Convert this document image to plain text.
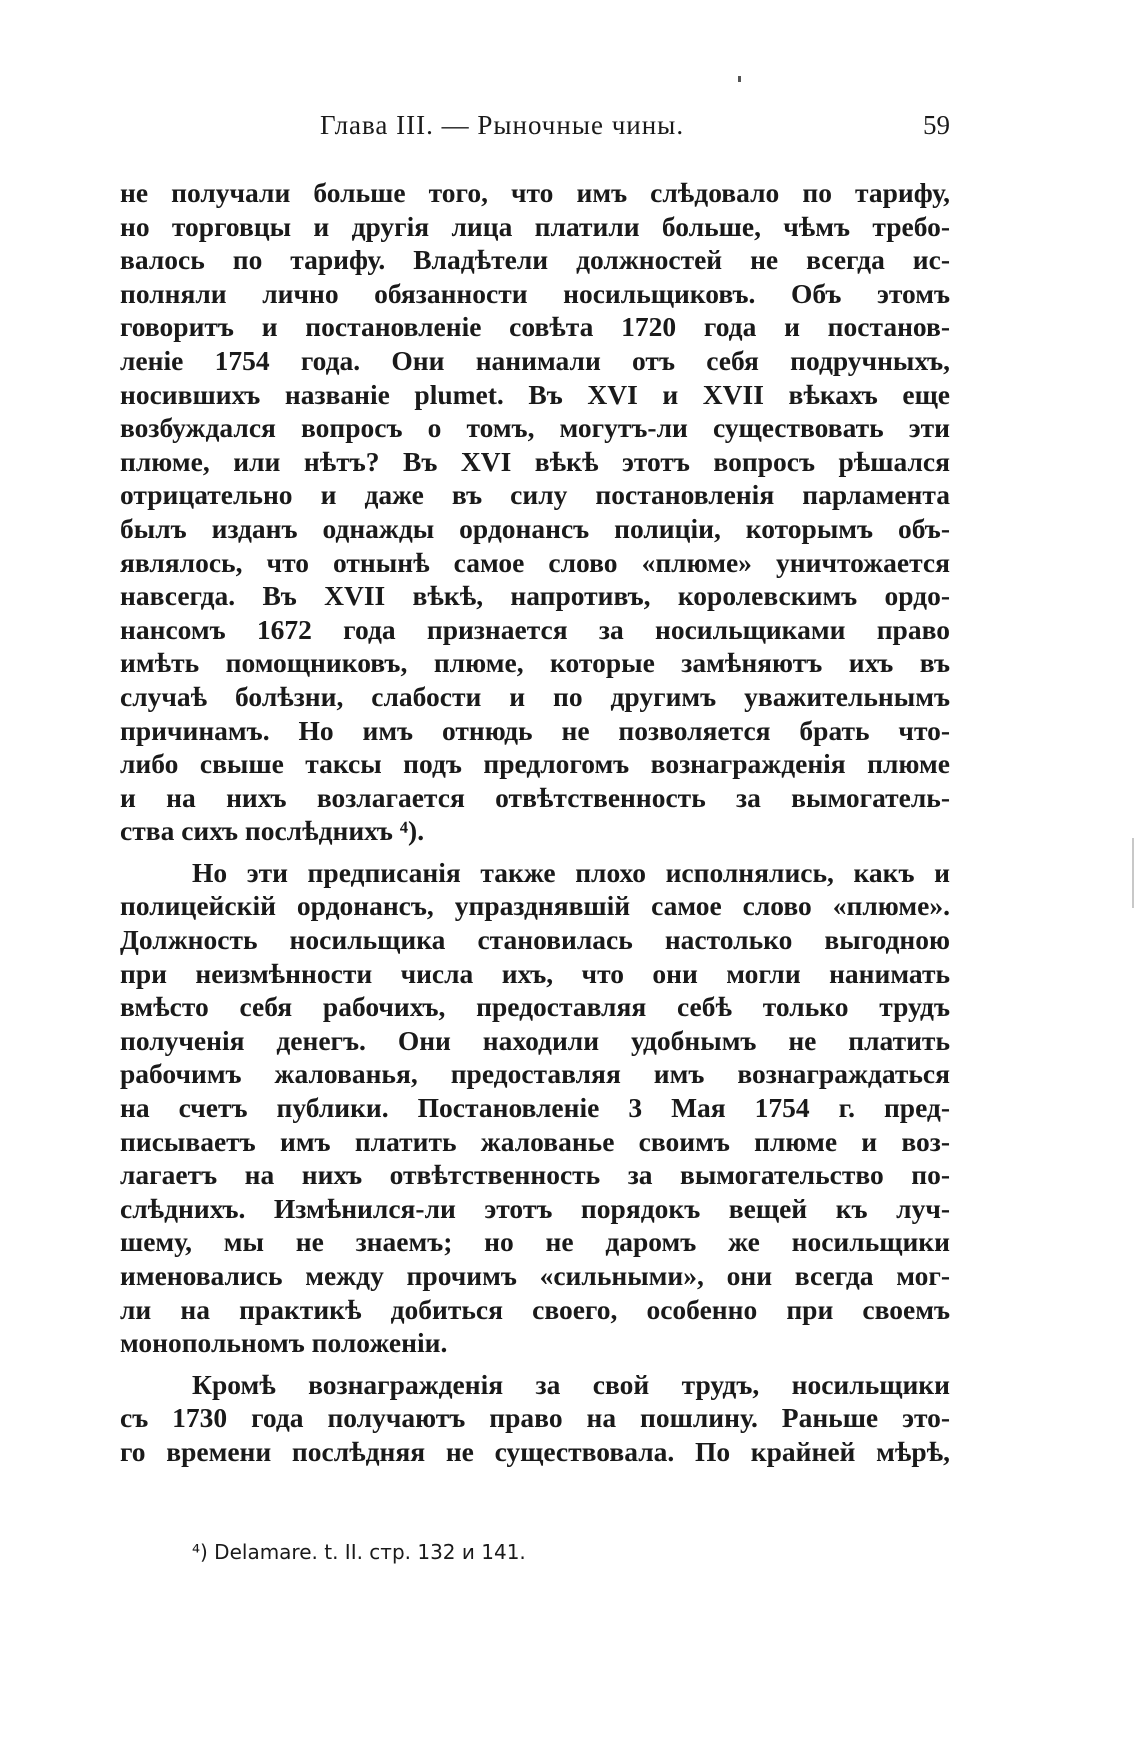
Глава III. — Рыночные чины.	59
не получали больше того, что имъ слѣдовало по тарифу,
но торговцы и другія лица платили больше, чѣмъ требо-
валось по тарифу. Владѣтели должностей не всегда ис-
полняли лично обязанности носильщиковъ. Объ этомъ
говоритъ и постановленіе совѣта 1720 года и постанов-
леніе 1754 года. Они нанимали отъ себя подручныхъ,
носившихъ названіе plumet. Въ XVI и XVII вѣкахъ еще
возбуждался вопросъ о томъ, могутъ-ли существовать эти
плюме, или нѣтъ? Въ XVI вѣкѣ этотъ вопросъ рѣшался
отрицательно и даже въ силу постановленія парламента
былъ изданъ однажды ордонансъ полиціи, которымъ объ-
являлось, что отнынѣ самое слово «плюме» уничтожается
навсегда. Въ XVII вѣкѣ, напротивъ, королевскимъ ордо-
нансомъ 1672 года признается за носильщиками право
имѣть помощниковъ, плюме, которые замѣняютъ ихъ въ
случаѣ болѣзни, слабости и по другимъ уважительнымъ
причинамъ. Но имъ отнюдь не позволяется брать что-
либо свыше таксы подъ предлогомъ вознагражденія плюме
и на нихъ возлагается отвѣтственность за вымогатель-
ства сихъ послѣднихъ ⁴).
Но эти предписанія также плохо исполнялись, какъ и
полицейскій ордонансъ, упразднявшій самое слово «плюме».
Должность носильщика становилась настолько выгодною
при неизмѣнности числа ихъ, что они могли нанимать
вмѣсто себя рабочихъ, предоставляя себѣ только трудъ
полученія денегъ. Они находили удобнымъ не платить
рабочимъ жалованья, предоставляя имъ вознаграждаться
на счетъ публики. Постановленіе 3 Мая 1754 г. пред-
писываетъ имъ платить жалованье своимъ плюме и воз-
лагаетъ на нихъ отвѣтственность за вымогательство по-
слѣднихъ. Измѣнился-ли этотъ порядокъ вещей къ луч-
шему, мы не знаемъ; но не даромъ же носильщики
именовались между прочимъ «сильными», они всегда мог-
ли на практикѣ добиться своего, особенно при своемъ
монопольномъ положеніи.
Кромѣ вознагражденія за свой трудъ, носильщики
съ 1730 года получаютъ право на пошлину. Раньше это-
го времени послѣдняя не существовала. По крайней мѣрѣ,
⁴) Delamare. t. II. стр. 132 и 141.
